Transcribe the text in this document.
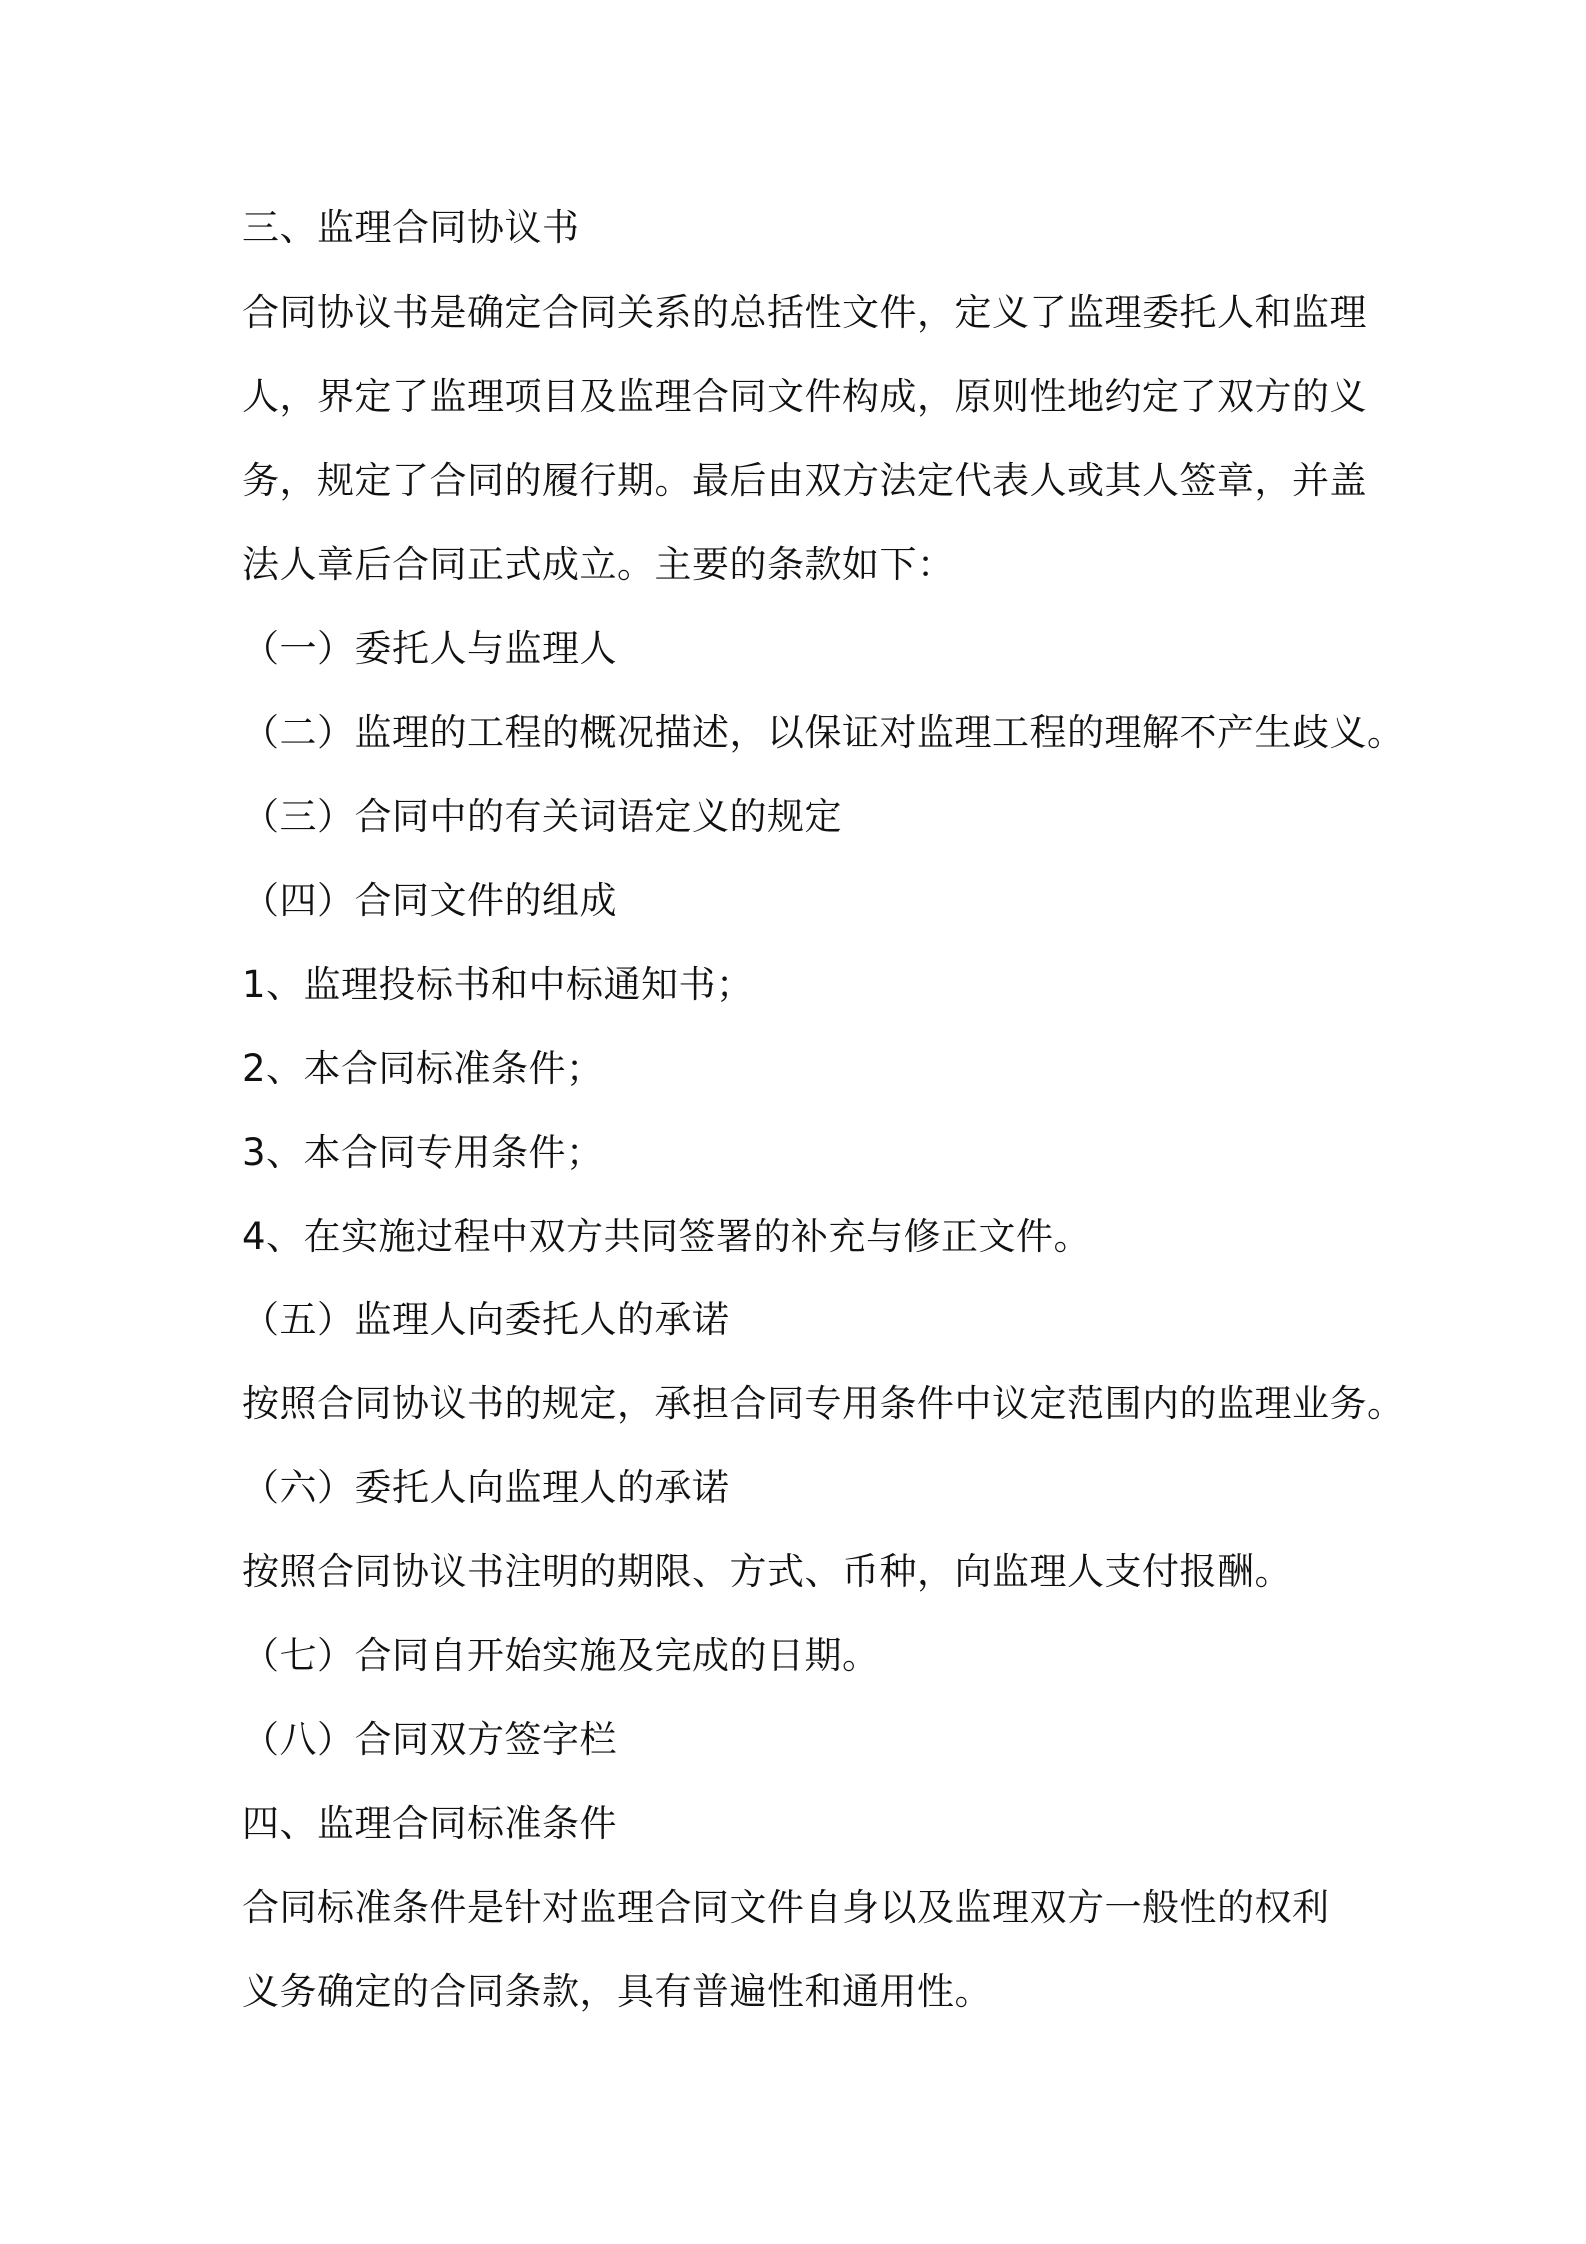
三、监理合同协议书

合同协议书是确定合同关系的总括性文件，定义了监理委托人和监理

人，界定了监理项目及监理合同文件构成，原则性地约定了双方的义

务，规定了合同的履行期。最后由双方法定代表人或其人签章，并盖

法人章后合同正式成立。主要的条款如下：

（一）委托人与监理人

（二）监理的工程的概况描述，以保证对监理工程的理解不产生歧义。

（三）合同中的有关词语定义的规定

（四）合同文件的组成

1、监理投标书和中标通知书；

2、本合同标准条件；

3、本合同专用条件；

4、在实施过程中双方共同签署的补充与修正文件。

（五）监理人向委托人的承诺

按照合同协议书的规定，承担合同专用条件中议定范围内的监理业务。

（六）委托人向监理人的承诺

按照合同协议书注明的期限、方式、币种，向监理人支付报酬。

（七）合同自开始实施及完成的日期。

（八）合同双方签字栏

四、监理合同标准条件

合同标准条件是针对监理合同文件自身以及监理双方一般性的权利

义务确定的合同条款，具有普遍性和通用性。
